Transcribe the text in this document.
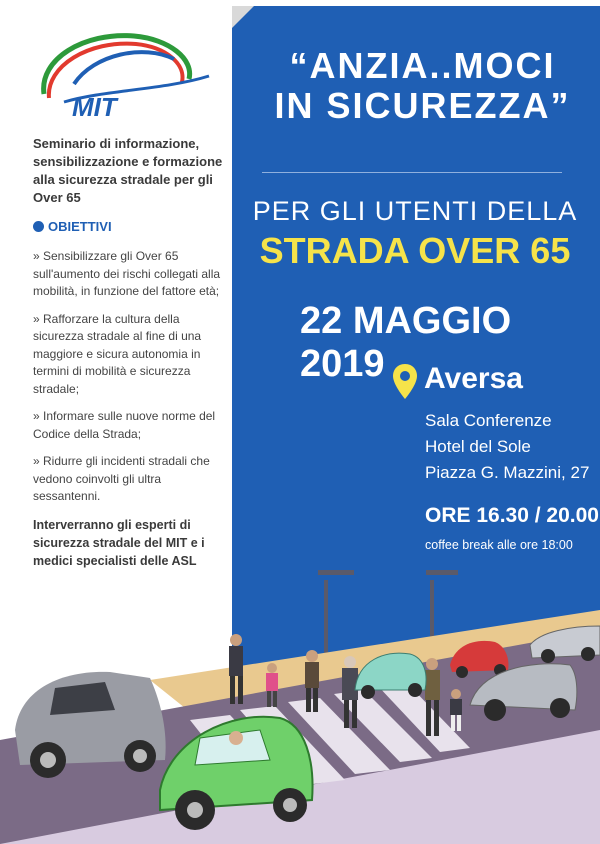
MIT

Seminario di informazione, sensibilizzazione e formazione alla sicurezza stradale per gli Over 65

OBIETTIVI

» Sensibilizzare gli Over 65 sull'aumento dei rischi collegati alla mobilità, in funzione del fattore età;

» Rafforzare la cultura della sicurezza stradale al fine di una maggiore e sicura autonomia in termini di mobilità e sicurezza stradale;

» Informare sulle nuove norme del Codice della Strada;

» Ridurre gli incidenti stradali che vedono coinvolti gli ultra sessantenni.

Interverranno gli esperti di sicurezza stradale del MIT e i medici specialisti delle ASL
“ANZIA..MOCI
IN SICUREZZA”
PER GLI UTENTI DELLA
STRADA OVER 65
22 MAGGIO 2019	Aversa
Sala Conferenze
Hotel del Sole
Piazza G. Mazzini, 27
ORE 16.30 / 20.00
coffee break alle ore 18:00
